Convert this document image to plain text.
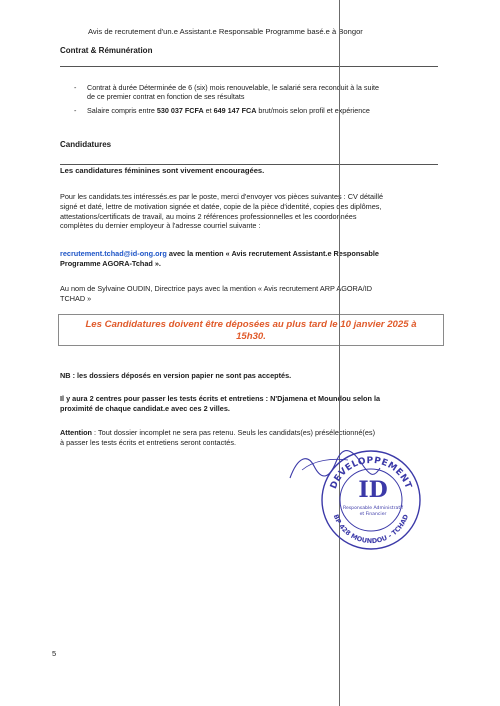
Avis de recrutement d'un.e Assistant.e Responsable Programme basé.e à Bongor
Contrat & Rémunération
- Contrat à durée Déterminée de 6 (six) mois renouvelable, le salarié sera reconduit à la suite
de ce premier contrat en fonction de ses résultats
- Salaire compris entre 530 037 FCFA et 649 147 FCA brut/mois selon profil et expérience
Candidatures
Les candidatures féminines sont vivement encouragées.
Pour les candidats.tes intéressés.es par le poste, merci d'envoyer vos pièces suivantes : CV détaillé
signé et daté, lettre de motivation signée et datée, copie de la pièce d'identité, copies des diplômes,
attestations/certificats de travail, au moins 2 références professionnelles et les coordonnées
complètes du dernier employeur à l'adresse courriel suivante :
recrutement.tchad@id-ong.org avec la mention « Avis recrutement Assistant.e Responsable
Programme AGORA-Tchad ».
Au nom de Sylvaine OUDIN, Directrice pays avec la mention « Avis recrutement ARP AGORA/ID
TCHAD »
Les Candidatures doivent être déposées au plus tard le 10 janvier 2025 à
15h30.
NB : les dossiers déposés en version papier ne sont pas acceptés.
Il y aura 2 centres pour passer les tests écrits et entretiens : N'Djamena et Moundou selon la
proximité de chaque candidat.e avec ces 2 villes.
Attention : Tout dossier incomplet ne sera pas retenu. Seuls les candidats(es) présélectionné(es)
à passer les tests écrits et entretiens seront contactés.
DEVELOPPEMENT
BP 428 MOUNDOU - TCHAD
ID
Responsable Administratif
et Financier
5
